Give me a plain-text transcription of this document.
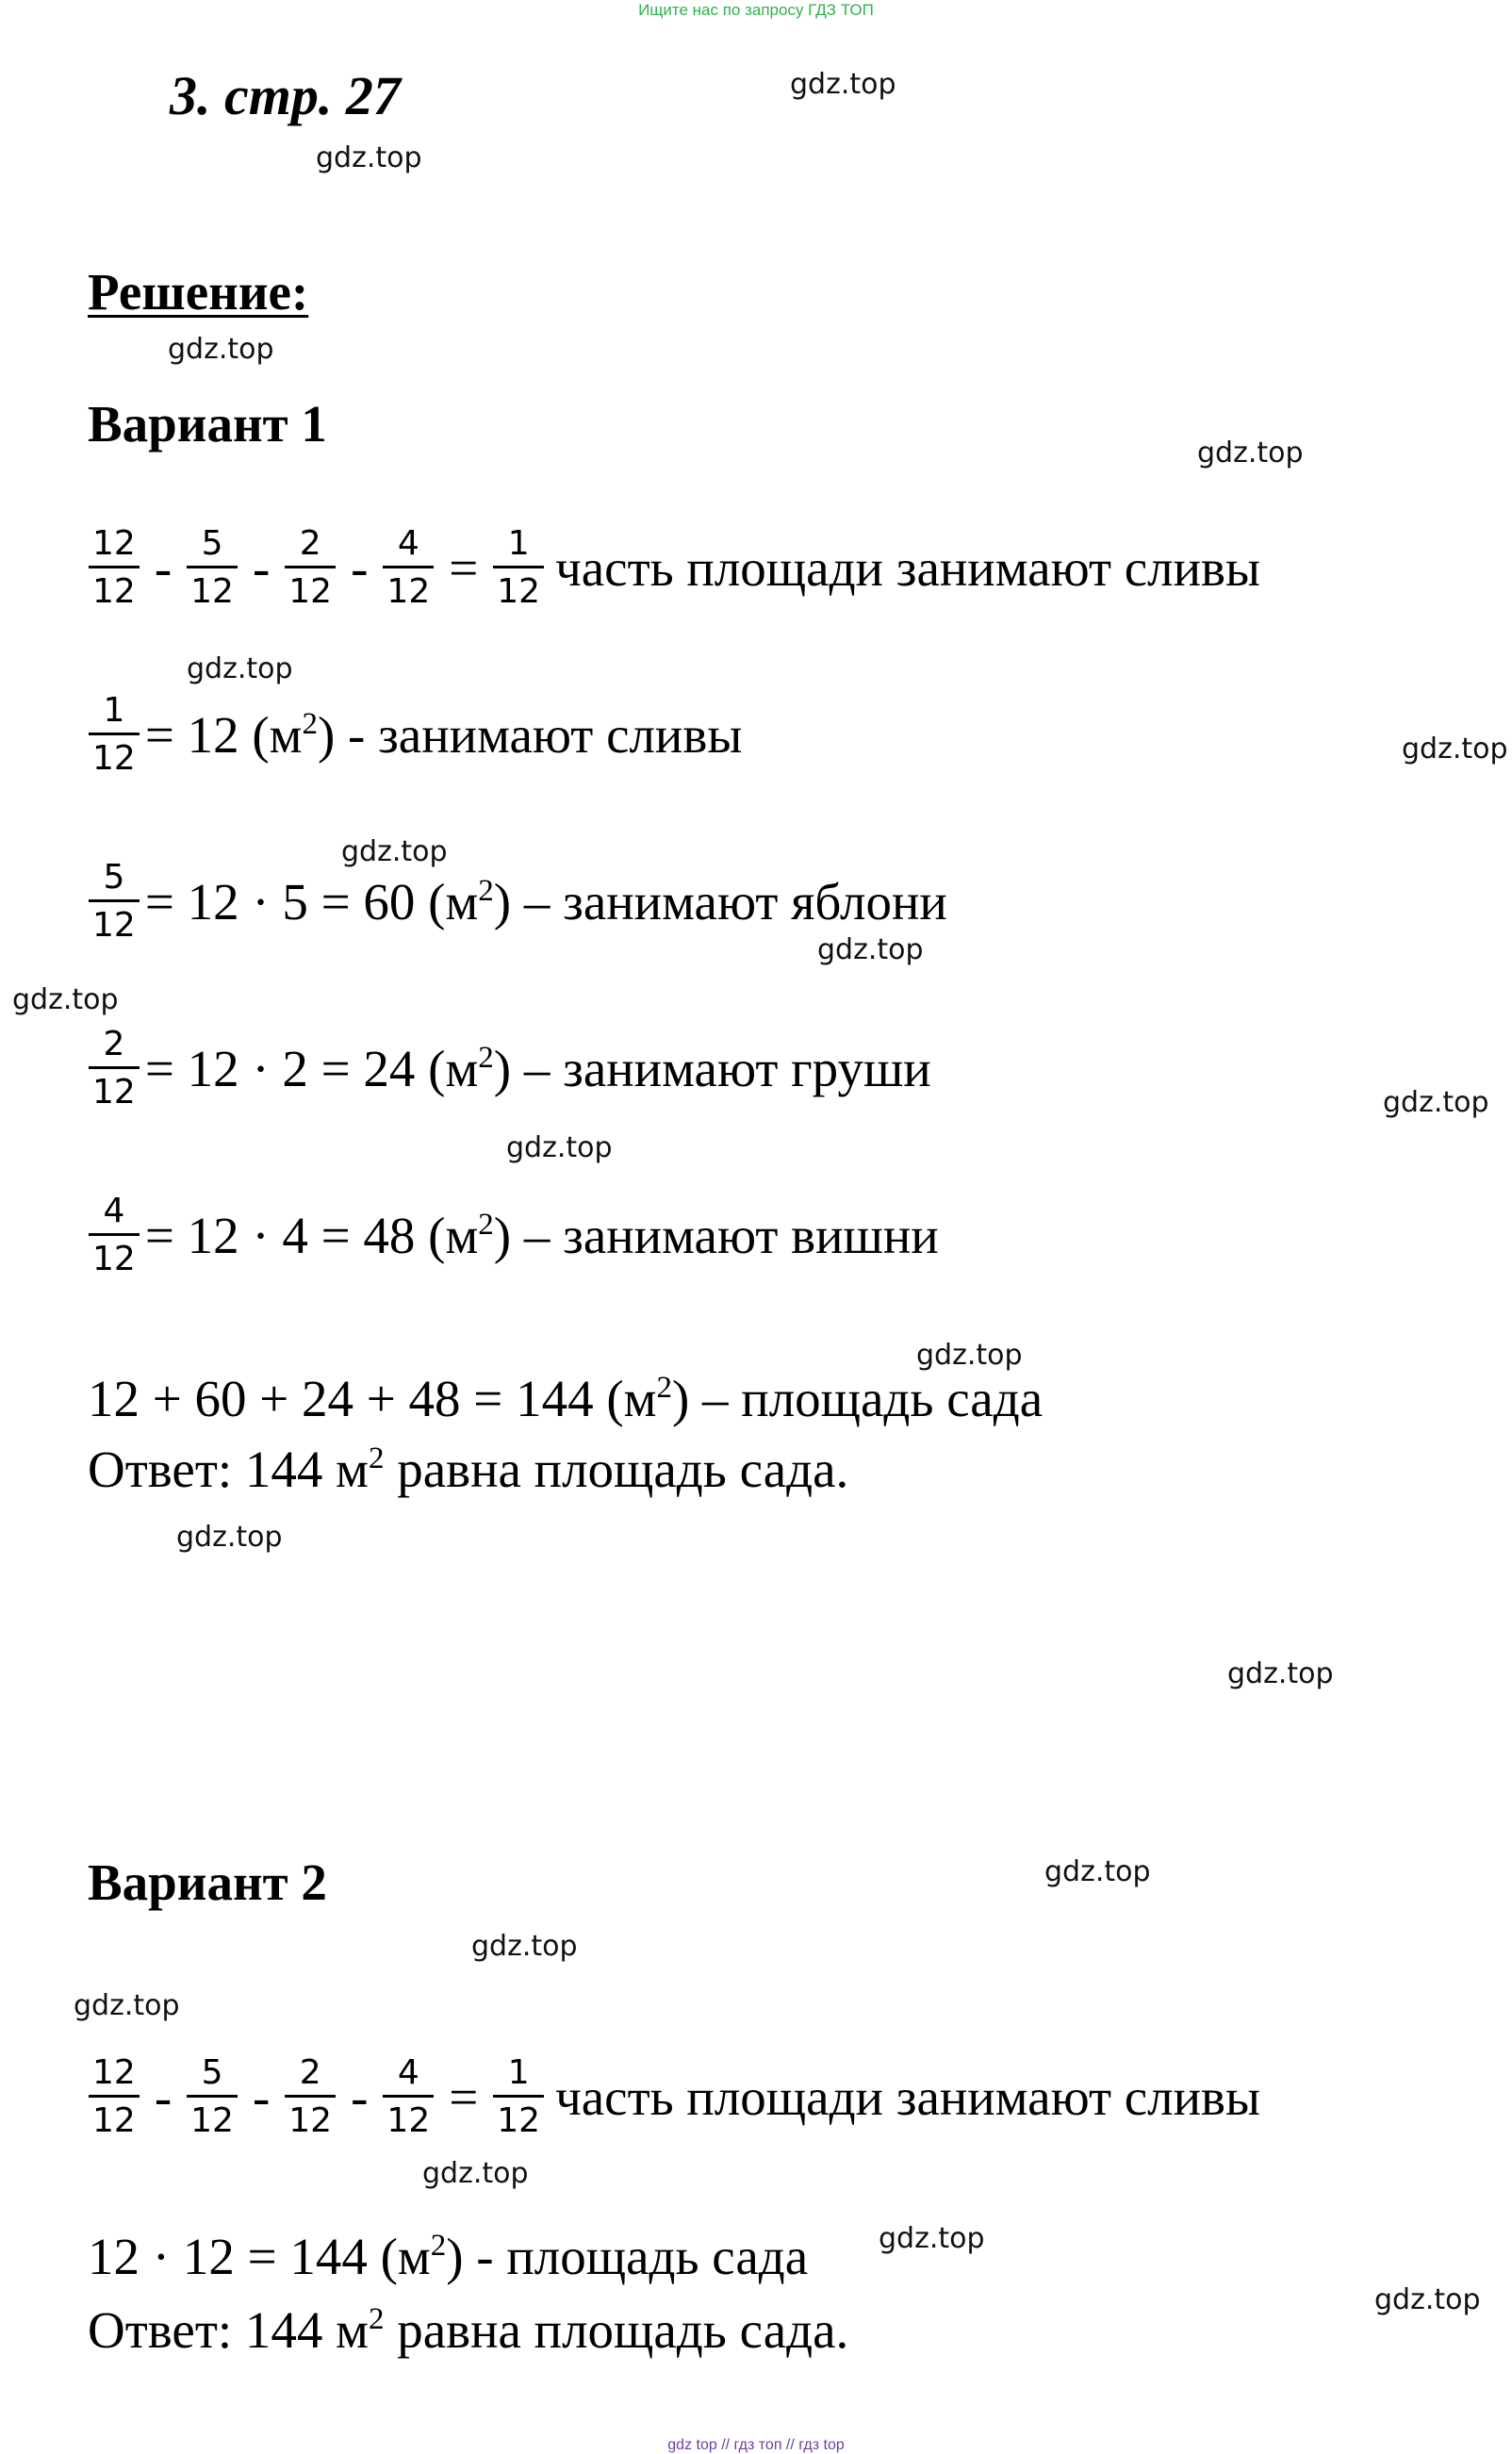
Ищите нас по запросу ГДЗ ТОП
3. стр. 27
Решение:
Вариант 1
$\frac{12}{12} - \frac{5}{12} - \frac{2}{12} - \frac{4}{12} = \frac{1}{12}$ часть площади занимают сливы
$\frac{1}{12} = 12$ $(м^2)$ - занимают сливы
$\frac{5}{12} = 12 \cdot 5 = 60$ $(м^2)$ – занимают яблони
$\frac{2}{12} = 12 \cdot 2 = 24$ $(м^2)$ – занимают груши
$\frac{4}{12} = 12 \cdot 4 = 48$ $(м^2)$ – занимают вишни
12 + 60 + 24 + 48 = 144 $(м^2)$ – площадь сада
Ответ: 144 $м^2$ равна площадь сада.
Вариант 2
$\frac{12}{12} - \frac{5}{12} - \frac{2}{12} - \frac{4}{12} = \frac{1}{12}$ часть площади занимают сливы
12 · 12 = 144 $(м^2)$ - площадь сада
Ответ: 144 $м^2$ равна площадь сада.
gdz.top
gdz.top
gdz.top
gdz.top
gdz.top
gdz.top
gdz.top
gdz.top
gdz.top
gdz.top
gdz.top
gdz.top
gdz.top
gdz.top
gdz.top
gdz.top
gdz.top
gdz.top
gdz.top
gdz.top
gdz top // гдз топ // гдз top
